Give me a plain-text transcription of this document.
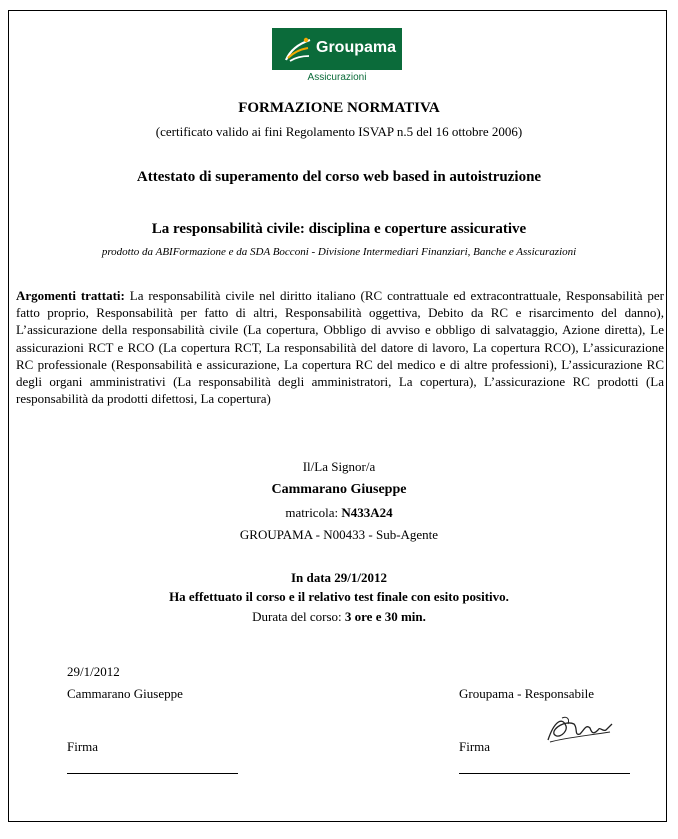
Groupama
Assicurazioni
FORMAZIONE NORMATIVA
(certificato valido ai fini Regolamento ISVAP n.5 del 16 ottobre 2006)
Attestato di superamento del corso web based in autoistruzione
La responsabilità civile: disciplina e coperture assicurative
prodotto da ABIFormazione e da SDA Bocconi - Divisione Intermediari Finanziari, Banche e Assicurazioni
Argomenti trattati: La responsabilità civile nel diritto italiano (RC contrattuale ed extracontrattuale, Responsabilità per fatto proprio, Responsabilità per fatto di altri, Responsabilità oggettiva, Debito da RC e risarcimento del danno), L’assicurazione della responsabilità civile (La copertura, Obbligo di avviso e obbligo di salvataggio, Azione diretta), Le assicurazioni RCT e RCO (La copertura RCT, La responsabilità del datore di lavoro, La copertura RCO), L’assicurazione RC professionale (Responsabilità e assicurazione, La copertura RC del medico e di altre professioni), L’assicurazione RC degli organi amministrativi (La responsabilità degli amministratori, La copertura), L’assicurazione RC prodotti (La responsabilità da prodotti difettosi, La copertura)
Il/La Signor/a
Cammarano Giuseppe
matricola: N433A24
GROUPAMA - N00433 - Sub-Agente
In data 29/1/2012
Ha effettuato il corso e il relativo test finale con esito positivo.
Durata del corso: 3 ore e 30 min.
29/1/2012
Cammarano Giuseppe	Groupama - Responsabile
Firma	Firma
